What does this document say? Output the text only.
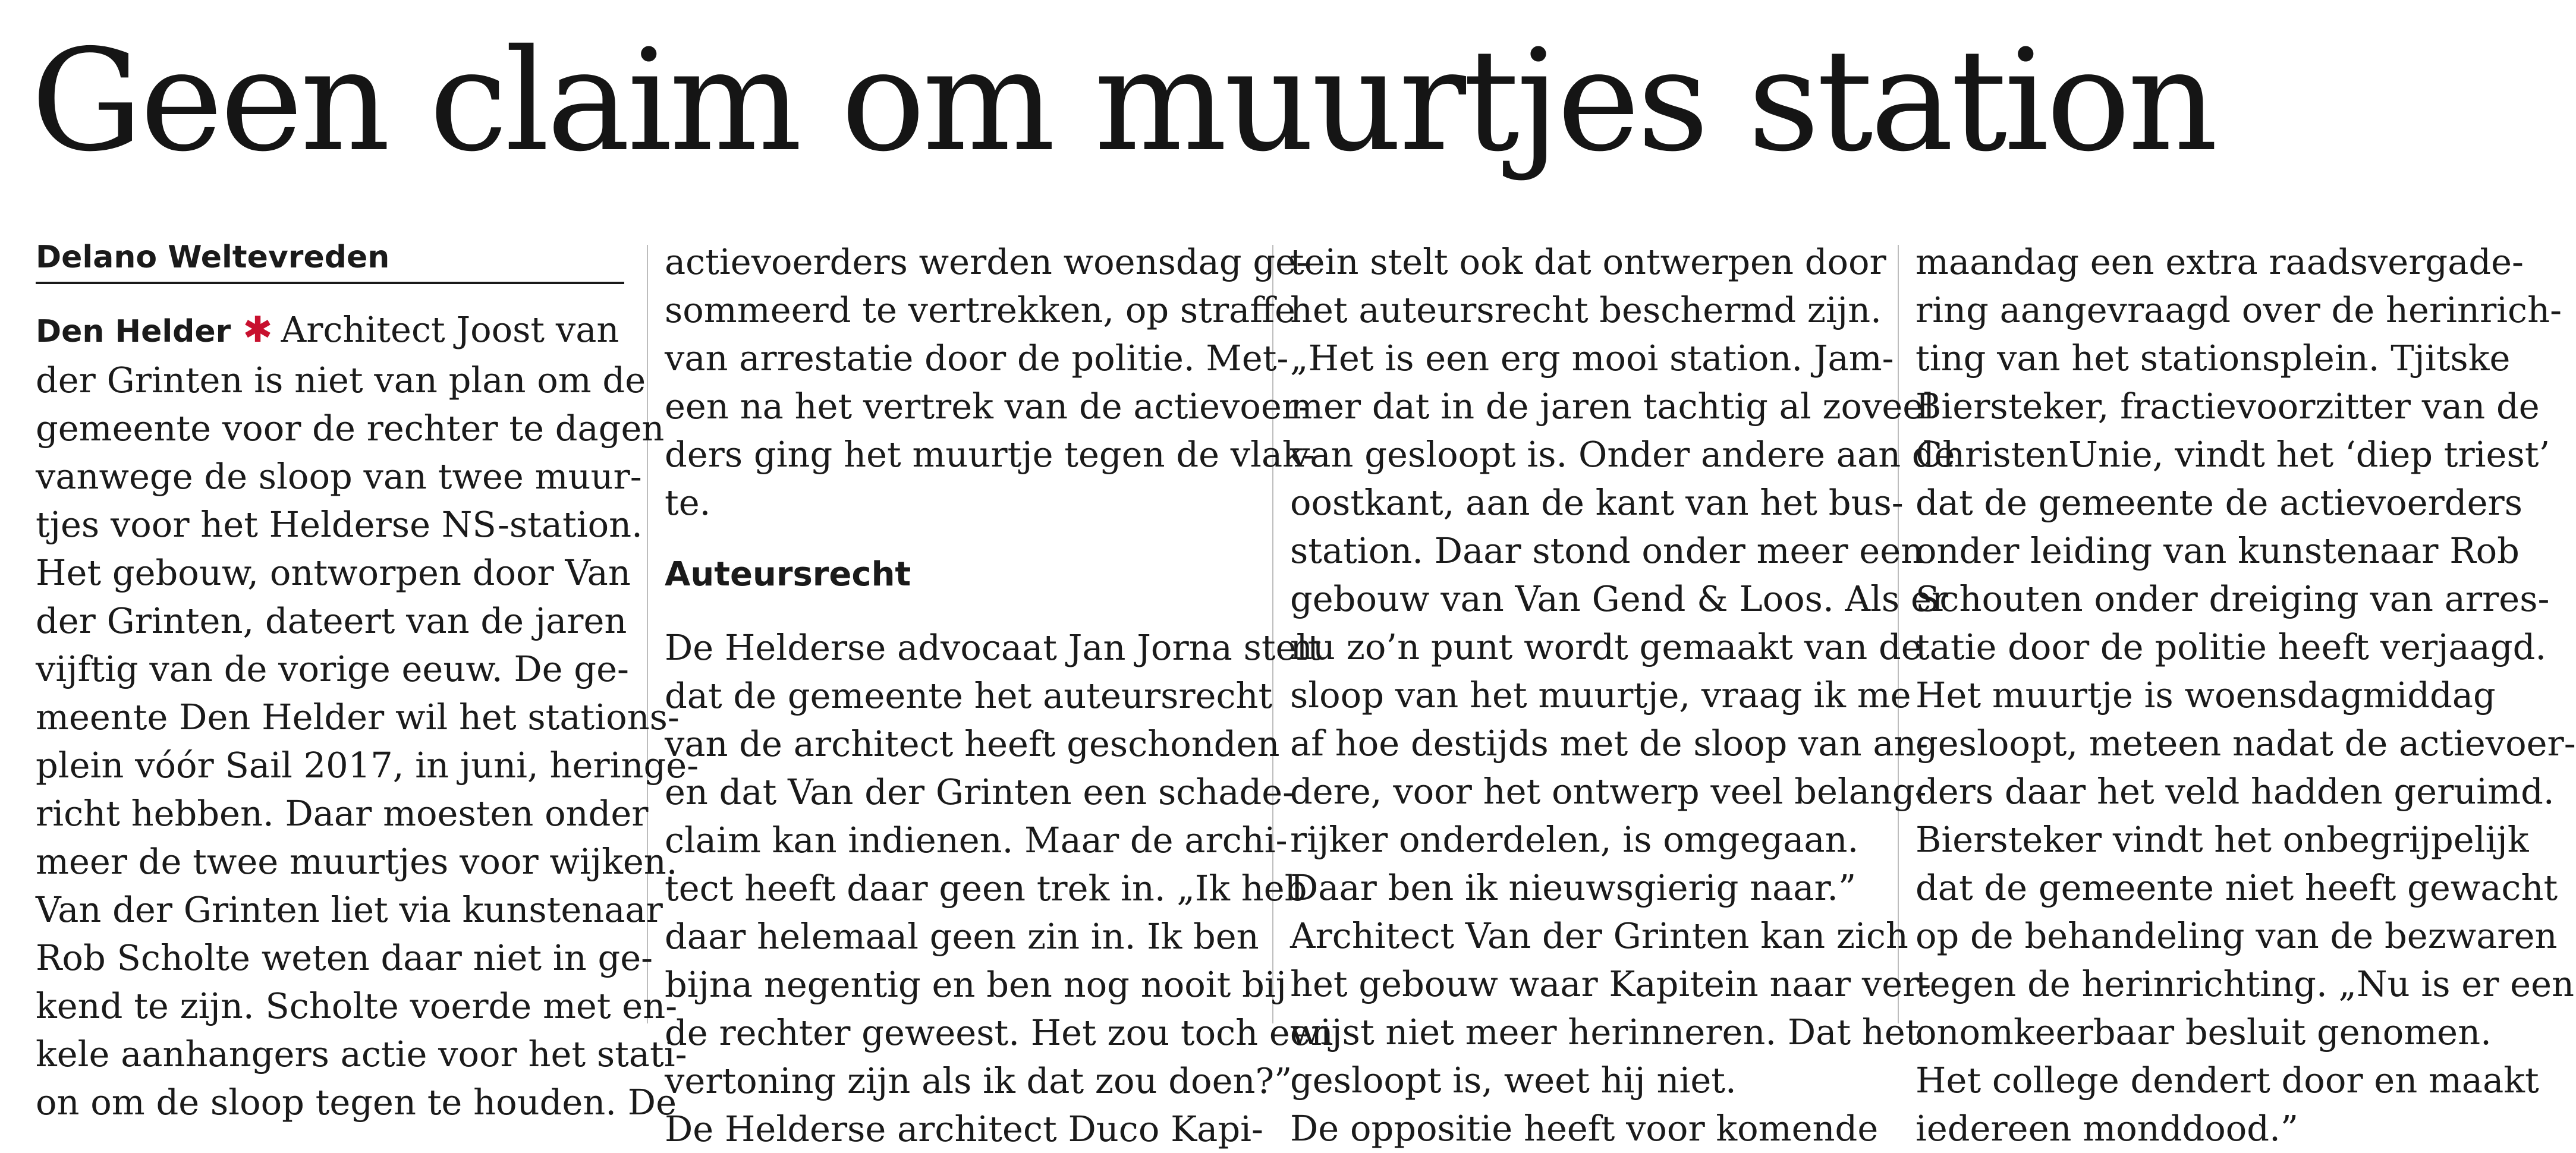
Geen claim om muurtjes station
Delano Weltevreden
Den Helder ✱ Architect Joost van
der Grinten is niet van plan om de
gemeente voor de rechter te dagen
vanwege de sloop van twee muur-
tjes voor het Helderse NS-station.
Het gebouw, ontworpen door Van
der Grinten, dateert van de jaren
vijftig van de vorige eeuw. De ge-
meente Den Helder wil het stations-
plein vóór Sail 2017, in juni, heringe-
richt hebben. Daar moesten onder
meer de twee muurtjes voor wijken.
Van der Grinten liet via kunstenaar
Rob Scholte weten daar niet in ge-
kend te zijn. Scholte voerde met en-
kele aanhangers actie voor het stati-
on om de sloop tegen te houden. De
actievoerders werden woensdag ge-
sommeerd te vertrekken, op straffe
van arrestatie door de politie. Met-
een na het vertrek van de actievoer-
ders ging het muurtje tegen de vlak-
te.
Auteursrecht
De Helderse advocaat Jan Jorna stelt
dat de gemeente het auteursrecht
van de architect heeft geschonden
en dat Van der Grinten een schade-
claim kan indienen. Maar de archi-
tect heeft daar geen trek in. „Ik heb
daar helemaal geen zin in. Ik ben
bijna negentig en ben nog nooit bij
de rechter geweest. Het zou toch een
vertoning zijn als ik dat zou doen?”
De Helderse architect Duco Kapi-
tein stelt ook dat ontwerpen door
het auteursrecht beschermd zijn.
„Het is een erg mooi station. Jam-
mer dat in de jaren tachtig al zoveel
van gesloopt is. Onder andere aan de
oostkant, aan de kant van het bus-
station. Daar stond onder meer een
gebouw van Van Gend & Loos. Als er
nu zo’n punt wordt gemaakt van de
sloop van het muurtje, vraag ik me
af hoe destijds met de sloop van an-
dere, voor het ontwerp veel belang-
rijker onderdelen, is omgegaan.
Daar ben ik nieuwsgierig naar.”
Architect Van der Grinten kan zich
het gebouw waar Kapitein naar ver-
wijst niet meer herinneren. Dat het
gesloopt is, weet hij niet.
De oppositie heeft voor komende
maandag een extra raadsvergade-
ring aangevraagd over de herinrich-
ting van het stationsplein. Tjitske
Biersteker, fractievoorzitter van de
ChristenUnie, vindt het ‘diep triest’
dat de gemeente de actievoerders
onder leiding van kunstenaar Rob
Schouten onder dreiging van arres-
tatie door de politie heeft verjaagd.
Het muurtje is woensdagmiddag
gesloopt, meteen nadat de actievoer-
ders daar het veld hadden geruimd.
Biersteker vindt het onbegrijpelijk
dat de gemeente niet heeft gewacht
op de behandeling van de bezwaren
tegen de herinrichting. „Nu is er een
onomkeerbaar besluit genomen.
Het college dendert door en maakt
iedereen monddood.”
